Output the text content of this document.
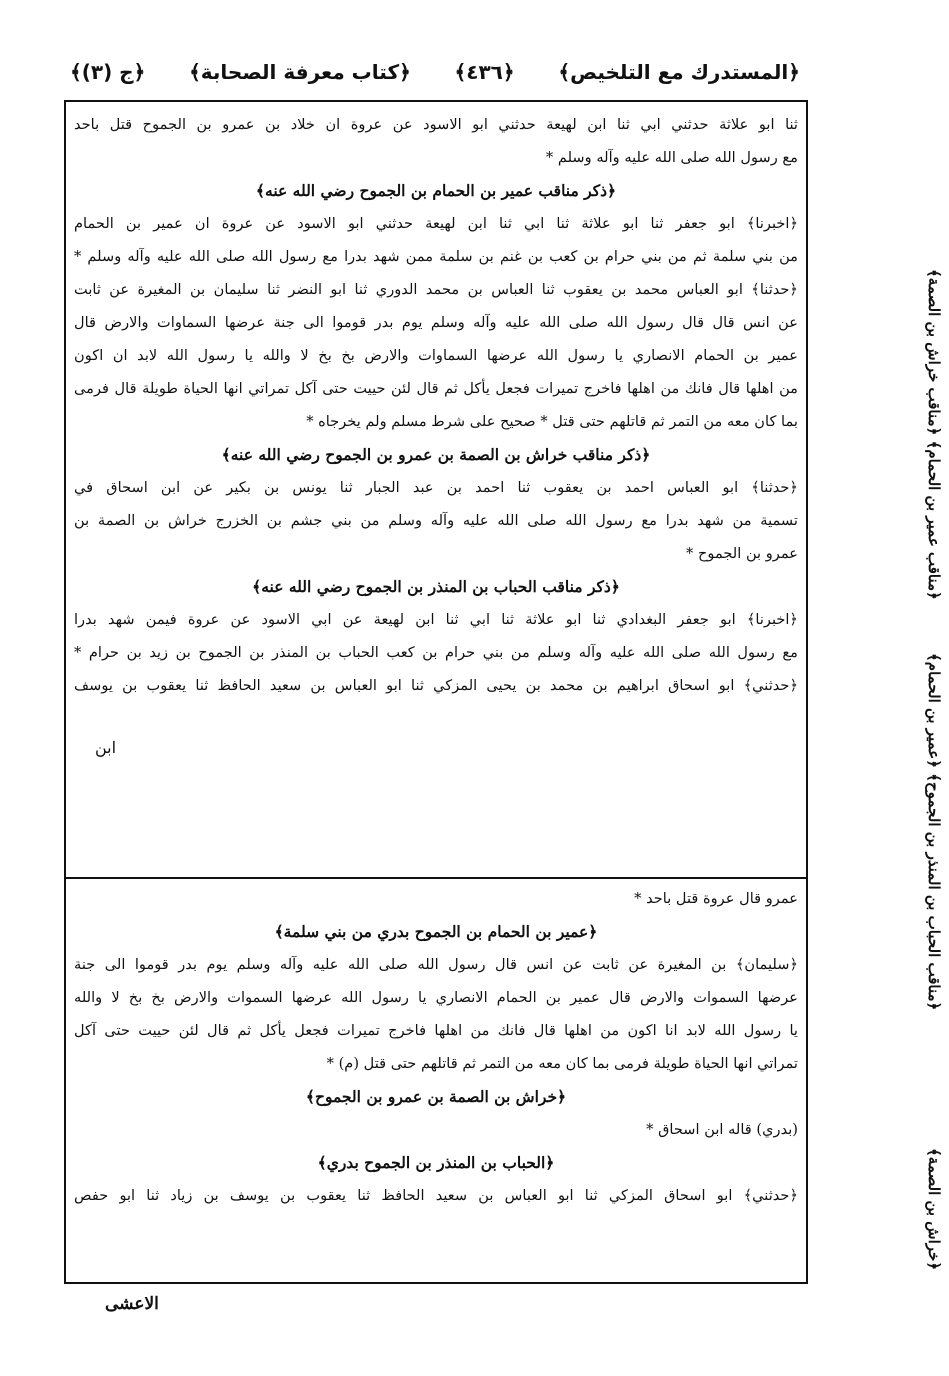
﴿المستدرك مع التلخيص﴾
﴿٤٣٦﴾
﴿كتاب معرفة الصحابة﴾
﴿ج (٣)﴾
﴿مناقب عمير بن الحمام﴾ ﴿مناقب خراش بن الصمة﴾
﴿مناقب الحباب بن المنذر بن الجموح﴾ ﴿عمير بن الحمام﴾
﴿خراش بن الصمة﴾
ثنا ابو علاثة حدثني ابي ثنا ابن لهيعة حدثني ابو الاسود عن عروة ان خلاد بن عمرو بن الجموح قتل باحد
مع رسول الله صلى الله عليه وآله وسلم *
﴿ذكر مناقب عمير بن الحمام بن الجموح رضي الله عنه﴾
﴿اخبرنا﴾ ابو جعفر ثنا ابو علاثة ثنا ابي ثنا ابن لهيعة حدثني ابو الاسود عن عروة ان عمير بن الحمام
من بني سلمة ثم من بني حرام بن كعب بن غنم بن سلمة ممن شهد بدرا مع رسول الله صلى الله عليه وآله وسلم *
﴿حدثنا﴾ ابو العباس محمد بن يعقوب ثنا العباس بن محمد الدوري ثنا ابو النضر ثنا سليمان بن المغيرة عن ثابت
عن انس قال قال رسول الله صلى الله عليه وآله وسلم يوم بدر قوموا الى جنة عرضها السماوات والارض قال
عمير بن الحمام الانصاري يا رسول الله عرضها السماوات والارض بخ بخ لا والله يا رسول الله لابد ان اكون
من اهلها قال فانك من اهلها فاخرج تميرات فجعل يأكل ثم قال لئن حييت حتى آكل تمراتي انها الحياة طويلة قال فرمى
بما كان معه من التمر ثم قاتلهم حتى قتل * صحيح على شرط مسلم ولم يخرجاه *
﴿ذكر مناقب خراش بن الصمة بن عمرو بن الجموح رضي الله عنه﴾
﴿حدثنا﴾ ابو العباس احمد بن يعقوب ثنا احمد بن عبد الجبار ثنا يونس بن بكير عن ابن اسحاق في
تسمية من شهد بدرا مع رسول الله صلى الله عليه وآله وسلم من بني جشم بن الخزرج خراش بن الصمة بن
عمرو بن الجموح *
﴿ذكر مناقب الحباب بن المنذر بن الجموح رضي الله عنه﴾
﴿اخبرنا﴾ ابو جعفر البغدادي ثنا ابو علاثة ثنا ابي ثنا ابن لهيعة عن ابي الاسود عن عروة فيمن شهد بدرا
مع رسول الله صلى الله عليه وآله وسلم من بني حرام بن كعب الحباب بن المنذر بن الجموح بن زيد بن حرام *
﴿حدثني﴾ ابو اسحاق ابراهيم بن محمد بن يحيى المزكي ثنا ابو العباس بن سعيد الحافظ ثنا يعقوب بن يوسف
عمرو قال عروة قتل باحد *
﴿عمير بن الحمام بن الجموح بدري من بني سلمة﴾
﴿سليمان﴾ بن المغيرة عن ثابت عن انس قال رسول الله صلى الله عليه وآله وسلم يوم بدر قوموا الى جنة
عرضها السموات والارض قال عمير بن الحمام الانصاري يا رسول الله عرضها السموات والارض بخ بخ لا والله
يا رسول الله لابد انا اكون من اهلها قال فانك من اهلها فاخرج تميرات فجعل يأكل ثم قال لئن حييت حتى آكل
تمراتي انها الحياة طويلة فرمى بما كان معه من التمر ثم قاتلهم حتى قتل (م) *
﴿خراش بن الصمة بن عمرو بن الجموح﴾
(بدري) قاله ابن اسحاق *
﴿الحباب بن المنذر بن الجموح بدري﴾
﴿حدثني﴾ ابو اسحاق المزكي ثنا ابو العباس بن سعيد الحافظ ثنا يعقوب بن يوسف بن زياد ثنا ابو حفص
ابن
الاعشى
